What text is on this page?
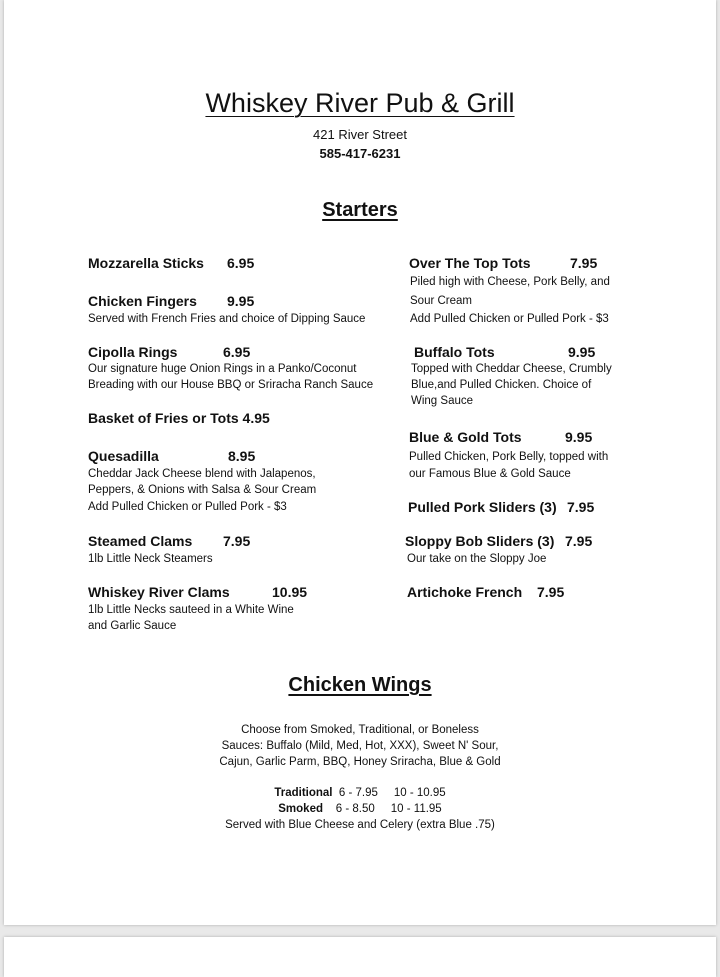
Whiskey River Pub & Grill
421 River Street
585-417-6231
Starters
Mozzarella Sticks 6.95
Chicken Fingers 9.95
Served with French Fries and choice of Dipping Sauce
Cipolla Rings	6.95
Our signature huge Onion Rings in a Panko/Coconut
Breading with our House BBQ or Sriracha Ranch Sauce
Basket of Fries or Tots 4.95
Quesadilla	8.95
Cheddar Jack Cheese blend with Jalapenos,
Peppers, & Onions with Salsa & Sour Cream
Add Pulled Chicken or Pulled Pork - $3
Steamed Clams 7.95
1lb Little Neck Steamers
Whiskey River Clams	10.95
1lb Little Necks sauteed in a White Wine
and Garlic Sauce
Over The Top Tots	7.95
Piled high with Cheese, Pork Belly, and
Sour Cream
Add Pulled Chicken or Pulled Pork - $3
Buffalo Tots	9.95
Topped with Cheddar Cheese, Crumbly
Blue,and Pulled Chicken. Choice of
Wing Sauce
Blue & Gold Tots	9.95
Pulled Chicken, Pork Belly, topped with
our Famous Blue & Gold Sauce
Pulled Pork Sliders (3) 7.95
Sloppy Bob Sliders (3) 7.95
Our take on the Sloppy Joe
Artichoke French 7.95
Chicken Wings
Choose from Smoked, Traditional, or Boneless
Sauces: Buffalo (Mild, Med, Hot, XXX), Sweet N' Sour,
Cajun, Garlic Parm, BBQ, Honey Sriracha, Blue & Gold
Traditional 6 - 7.95     10 - 10.95
Smoked 6 - 8.50     10 - 11.95
Served with Blue Cheese and Celery (extra Blue .75)
